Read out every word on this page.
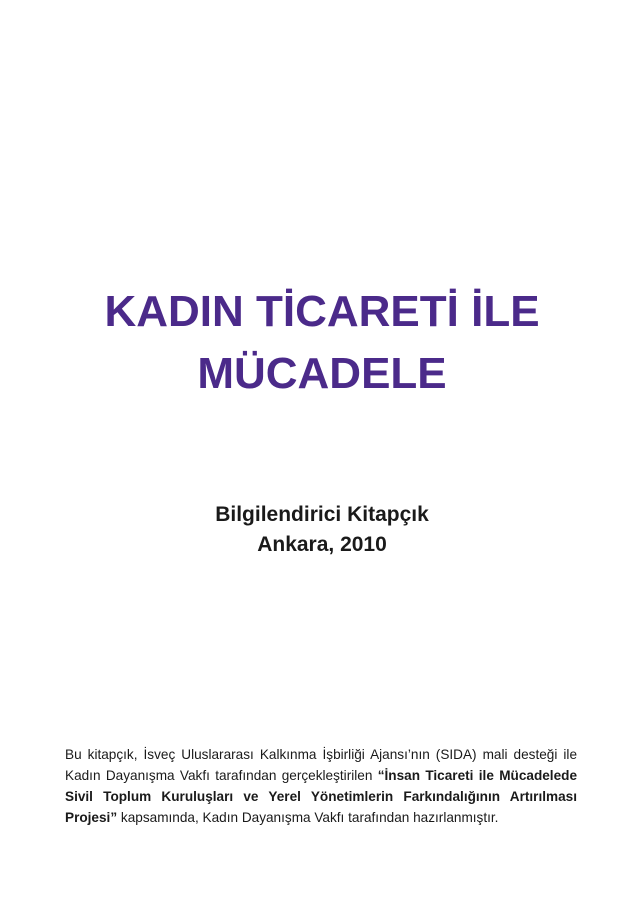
KADIN TİCARETİ İLE
MÜCADELE
Bilgilendirici Kitapçık
Ankara, 2010

Bu kitapçık, İsveç Uluslararası Kalkınma İşbirliği Ajansı’nın (SIDA) mali desteği ile Kadın Dayanışma Vakfı tarafından gerçekleştirilen “İnsan Ticareti ile Mücadelede Sivil Toplum Kuruluşları ve Yerel Yönetimlerin Farkındalığının Artırılması Projesi” kapsamında, Kadın Dayanışma Vakfı tarafından hazırlanmıştır.
